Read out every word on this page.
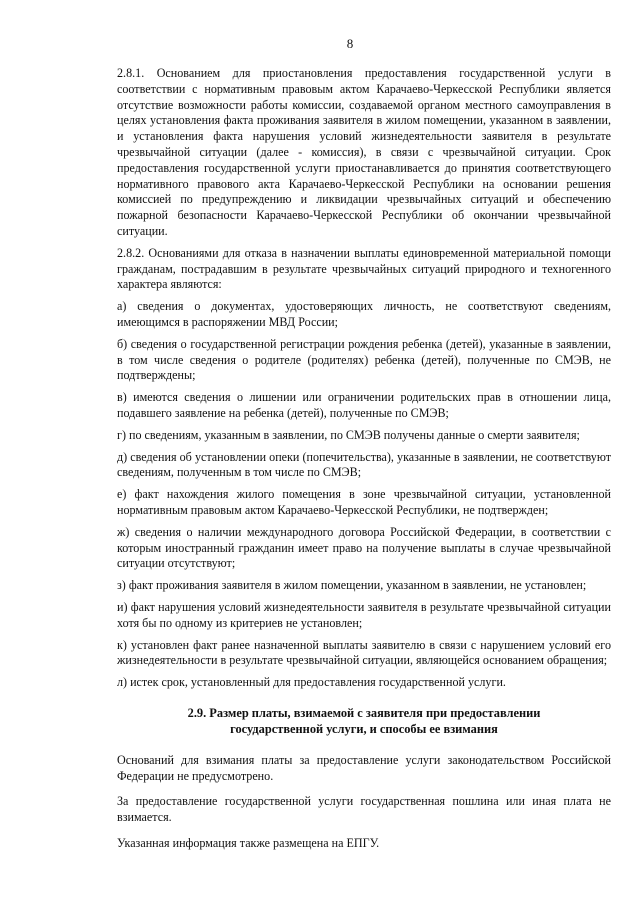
8

2.8.1. Основанием для приостановления предоставления государственной услуги в соответствии с нормативным правовым актом Карачаево-Черкесской Республики является отсутствие возможности работы комиссии, создаваемой органом местного самоуправления в целях установления факта проживания заявителя в жилом помещении, указанном в заявлении, и установления факта нарушения условий жизнедеятельности заявителя в результате чрезвычайной ситуации (далее - комиссия), в связи с чрезвычайной ситуации. Срок предоставления государственной услуги приостанавливается до принятия соответствующего нормативного правового акта Карачаево-Черкесской Республики на основании решения комиссией по предупреждению и ликвидации чрезвычайных ситуаций и обеспечению пожарной безопасности Карачаево-Черкесской Республики об окончании чрезвычайной ситуации.

2.8.2. Основаниями для отказа в назначении выплаты единовременной материальной помощи гражданам, пострадавшим в результате чрезвычайных ситуаций природного и техногенного характера являются:

а) сведения о документах, удостоверяющих личность, не соответствуют сведениям, имеющимся в распоряжении МВД России;

б) сведения о государственной регистрации рождения ребенка (детей), указанные в заявлении, в том числе сведения о родителе (родителях) ребенка (детей), полученные по СМЭВ, не подтверждены;

в) имеются сведения о лишении или ограничении родительских прав в отношении лица, подавшего заявление на ребенка (детей), полученные по СМЭВ;

г) по сведениям, указанным в заявлении, по СМЭВ получены данные о смерти заявителя;

д) сведения об установлении опеки (попечительства), указанные в заявлении, не соответствуют сведениям, полученным в том числе по СМЭВ;

е) факт нахождения жилого помещения в зоне чрезвычайной ситуации, установленной нормативным правовым актом Карачаево-Черкесской Республики, не подтвержден;

ж) сведения о наличии международного договора Российской Федерации, в соответствии с которым иностранный гражданин имеет право на получение выплаты в случае чрезвычайной ситуации отсутствуют;

з) факт проживания заявителя в жилом помещении, указанном в заявлении, не установлен;

и) факт нарушения условий жизнедеятельности заявителя в результате чрезвычайной ситуации хотя бы по одному из критериев не установлен;

к) установлен факт ранее назначенной выплаты заявителю в связи с нарушением условий его жизнедеятельности в результате чрезвычайной ситуации, являющейся основанием обращения;

л) истек срок, установленный для предоставления государственной услуги.

2.9. Размер платы, взимаемой с заявителя при предоставлении
государственной услуги, и способы ее взимания

Оснований для взимания платы за предоставление услуги законодательством Российской Федерации не предусмотрено.

За предоставление государственной услуги государственная пошлина или иная плата не взимается.

Указанная информация также размещена на ЕПГУ.
